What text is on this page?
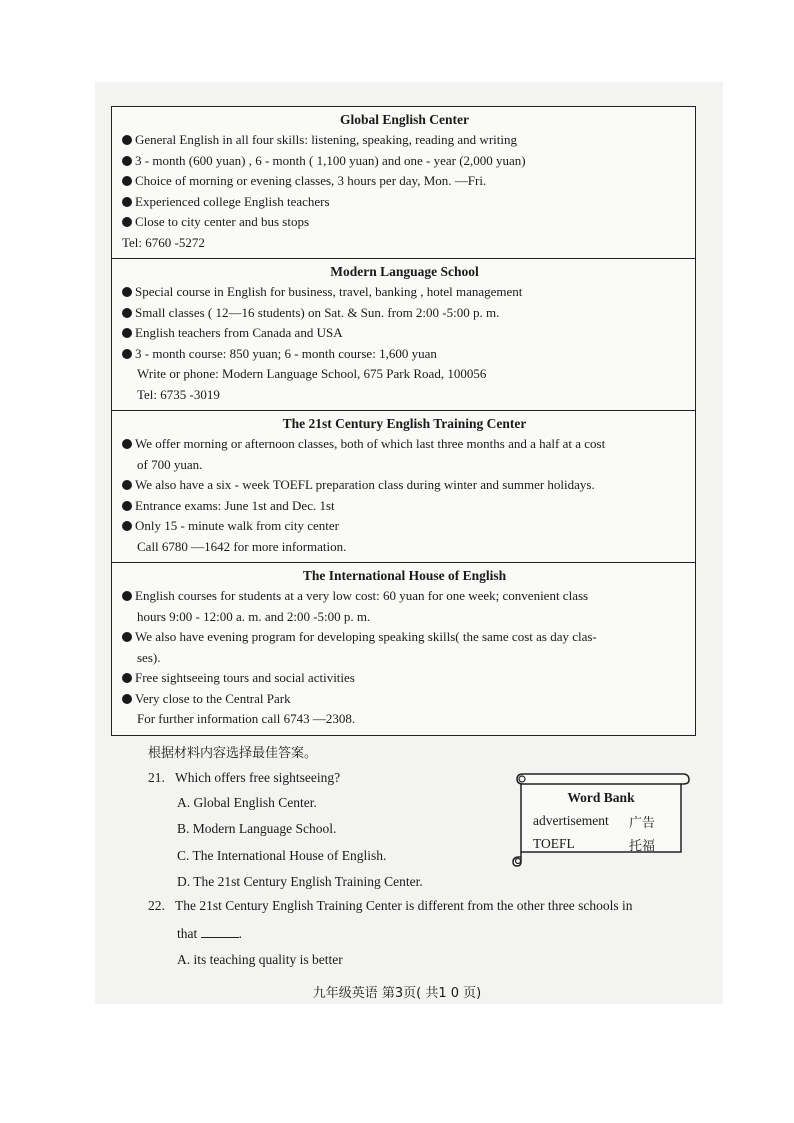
Global English Center
General English in all four skills: listening, speaking, reading and writing
3 - month (600 yuan) , 6 - month ( 1,100 yuan) and one - year (2,000 yuan)
Choice of morning or evening classes, 3 hours per day, Mon. —Fri.
Experienced college English teachers
Close to city center and bus stops
Tel: 6760 -5272
Modern Language School
Special course in English for business, travel, banking , hotel management
Small classes ( 12—16 students) on Sat. & Sun. from 2:00 -5:00 p. m.
English teachers from Canada and USA
3 - month course: 850 yuan; 6 - month course: 1,600 yuan
Write or phone: Modern Language School, 675 Park Road, 100056
Tel: 6735 -3019
The 21st Century English Training Center
We offer morning or afternoon classes, both of which last three months and a half at a cost
of 700 yuan.
We also have a six - week TOEFL preparation class during winter and summer holidays.
Entrance exams: June 1st and Dec. 1st
Only 15 - minute walk from city center
Call 6780 —1642 for more information.
The International House of English
English courses for students at a very low cost: 60 yuan for one week; convenient class
hours 9:00 - 12:00 a. m. and 2:00 -5:00 p. m.
We also have evening program for developing speaking skills( the same cost as day clas-
ses).
Free sightseeing tours and social activities
Very close to the Central Park
For further information call 6743 —2308.
根据材料内容选择最佳答案。
21. Which offers free sightseeing?
A. Global English Center.
B. Modern Language School.
C. The International House of English.
D. The 21st Century English Training Center.
22. The 21st Century English Training Center is different from the other three schools in
that	.
A. its teaching quality is better
Word Bank
advertisement 广告
TOEFL	托福
九年级英语 第3页( 共1 0 页)
